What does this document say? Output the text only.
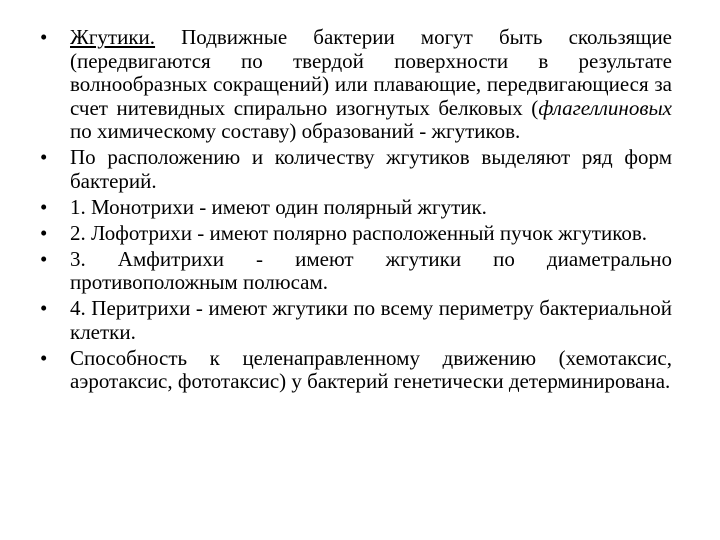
•	Жгутики. Подвижные бактерии могут быть скользящие (передвигаются по твердой поверхности в результате волнообразных сокращений) или плавающие, передвигающиеся за счет нитевидных спирально изогнутых белковых (флагеллиновых по химическому составу) образований - жгутиков.
•	По расположению и количеству жгутиков выделяют ряд форм бактерий.
•	1. Монотрихи - имеют один полярный жгутик.
•	2. Лофотрихи - имеют полярно расположенный пучок жгутиков.
•	3. Амфитрихи - имеют жгутики по диаметрально противоположным полюсам.
•	4. Перитрихи - имеют жгутики по всему периметру бактериальной клетки.
•	Способность к целенаправленному движению (хемотаксис, аэротаксис, фототаксис) у бактерий генетически детерминирована.
